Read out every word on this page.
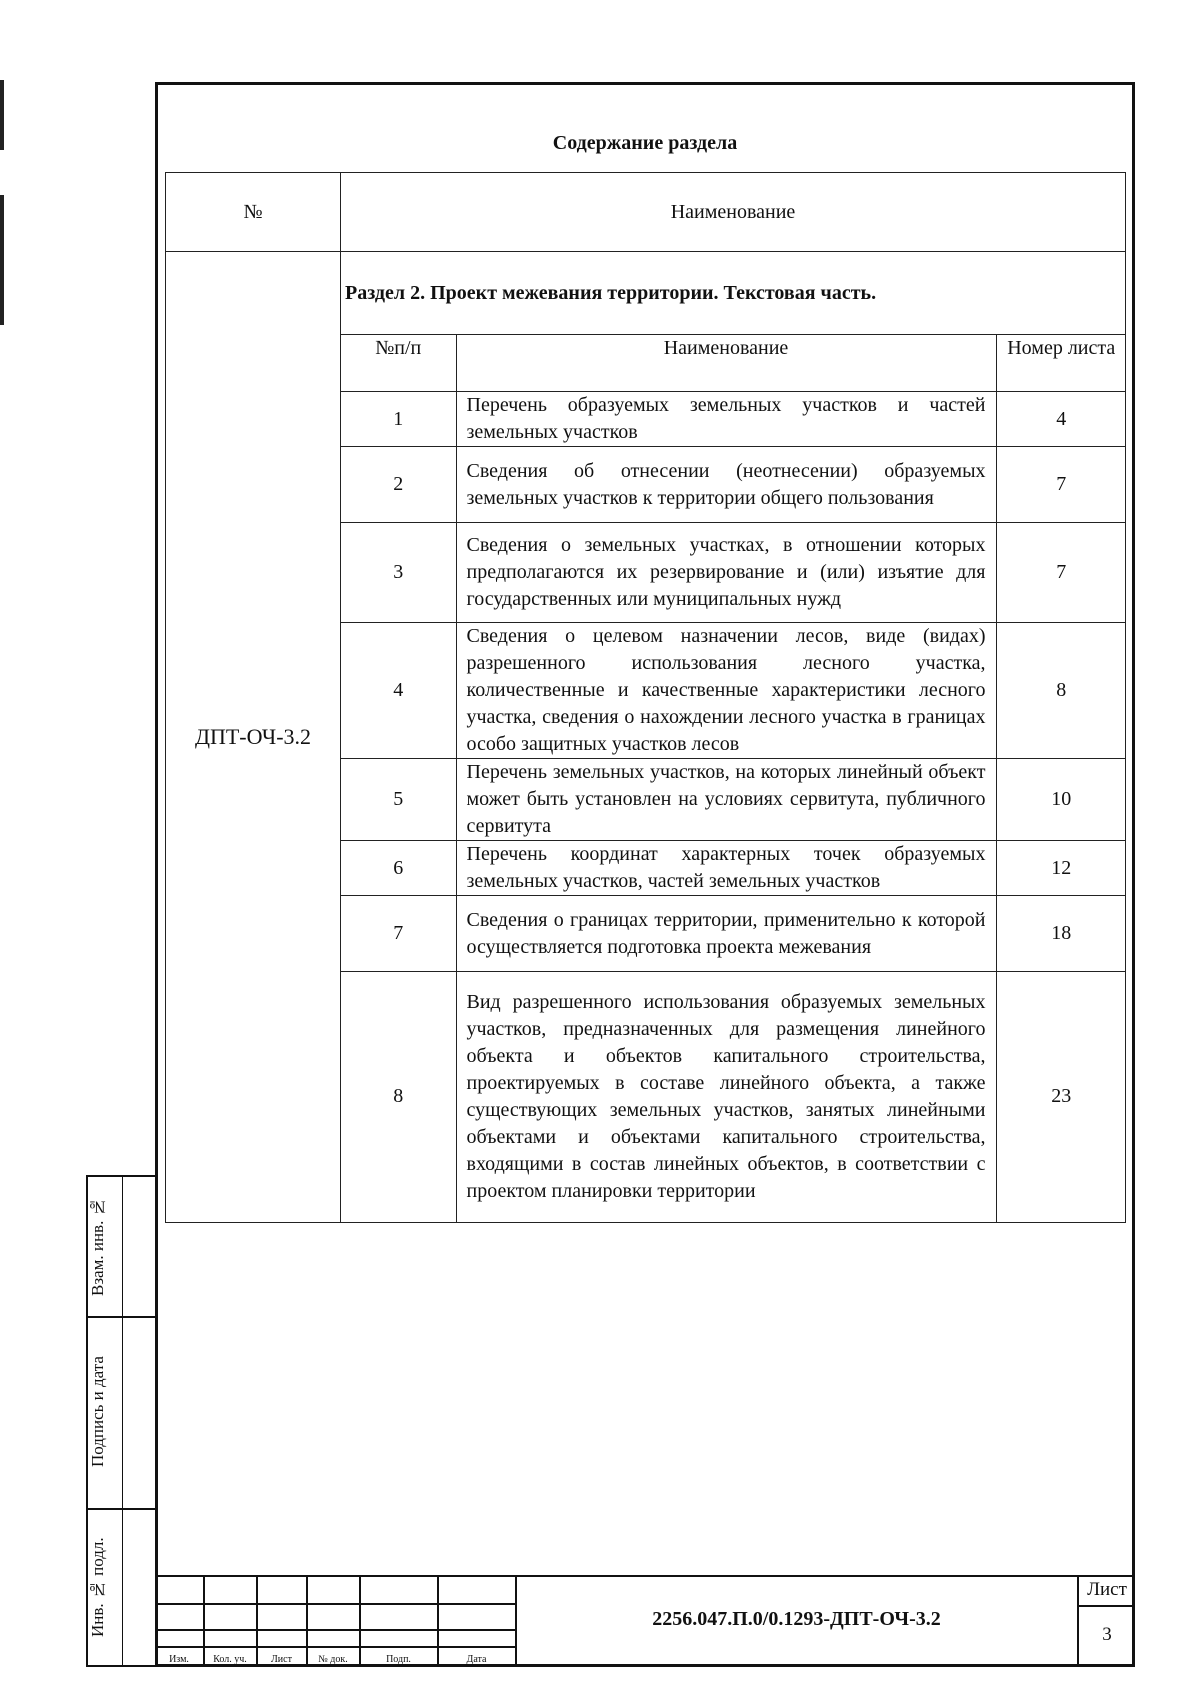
Содержание раздела
№	Наименование
ДПТ-ОЧ-3.2	
Раздел 2. Проект межевания территории. Текстовая часть.
№п/п	Наименование	Номер листа
1	Перечень образуемых земельных участков и частей земельных участков	4
2	Сведения об отнесении (неотнесении) образуемых земельных участков к территории общего пользования	7
3	Сведения о земельных участках, в отношении которых предполагаются их резервирование и (или) изъятие для государственных или муниципальных нужд	7
4	Сведения о целевом назначении лесов, виде (видах) разрешенного использования лесного участка, количественные и качественные характеристики лесного участка, сведения о нахождении лесного участка в границах особо защитных участков лесов	8
5	Перечень земельных участков, на которых линейный объект может быть установлен на условиях сервитута, публичного сервитута	10
6	Перечень координат характерных точек образуемых земельных участков, частей земельных участков	12
7	Сведения о границах территории, применительно к которой осуществляется подготовка проекта межевания	18
8	Вид разрешенного использования образуемых земельных участков, предназначенных для размещения линейного объекта и объектов капитального строительства, проектируемых в составе линейного объекта, а также существующих земельных участков, занятых линейными объектами и объектами капитального строительства, входящими в состав линейных объектов, в соответствии с проектом планировки территории	23
Взам. инв. №
Подпись и дата
Инв. № подл.
Изм.	Кол. уч.	Лист	№ док.	Подп.	Дата
2256.047.П.0/0.1293-ДПТ-ОЧ-3.2
Лист
3
